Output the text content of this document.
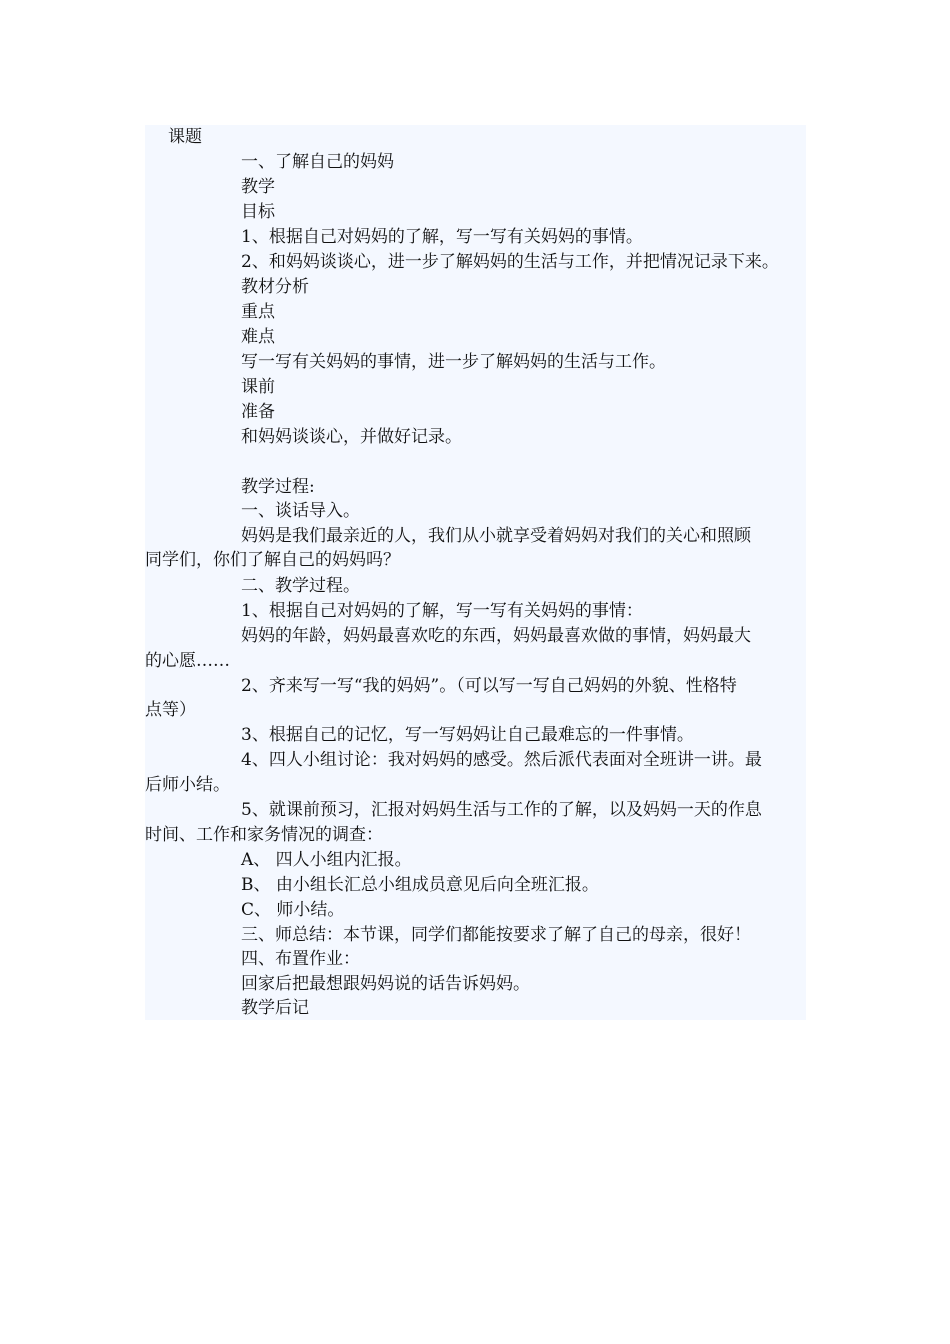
课题
一、了解自己的妈妈
教学
目标
1、根据自己对妈妈的了解，写一写有关妈妈的事情。
2、和妈妈谈谈心，进一步了解妈妈的生活与工作，并把情况记录下来。
教材分析
重点
难点
写一写有关妈妈的事情，进一步了解妈妈的生活与工作。
课前
准备
和妈妈谈谈心，并做好记录。
教学过程:
一、谈话导入。
妈妈是我们最亲近的人，我们从小就享受着妈妈对我们的关心和照顾
同学们，你们了解自己的妈妈吗？
二、教学过程。
1、根据自己对妈妈的了解，写一写有关妈妈的事情：
妈妈的年龄，妈妈最喜欢吃的东西，妈妈最喜欢做的事情，妈妈最大
的心愿……
2、齐来写一写“我的妈妈”。（可以写一写自己妈妈的外貌、性格特
点等）
3、根据自己的记忆，写一写妈妈让自己最难忘的一件事情。
4、四人小组讨论：我对妈妈的感受。然后派代表面对全班讲一讲。最
后师小结。
5、就课前预习，汇报对妈妈生活与工作的了解，以及妈妈一天的作息
时间、工作和家务情况的调查：
A、 四人小组内汇报。
B、 由小组长汇总小组成员意见后向全班汇报。
C、 师小结。
三、师总结：本节课，同学们都能按要求了解了自己的母亲，很好！
四、布置作业：
回家后把最想跟妈妈说的话告诉妈妈。
教学后记
